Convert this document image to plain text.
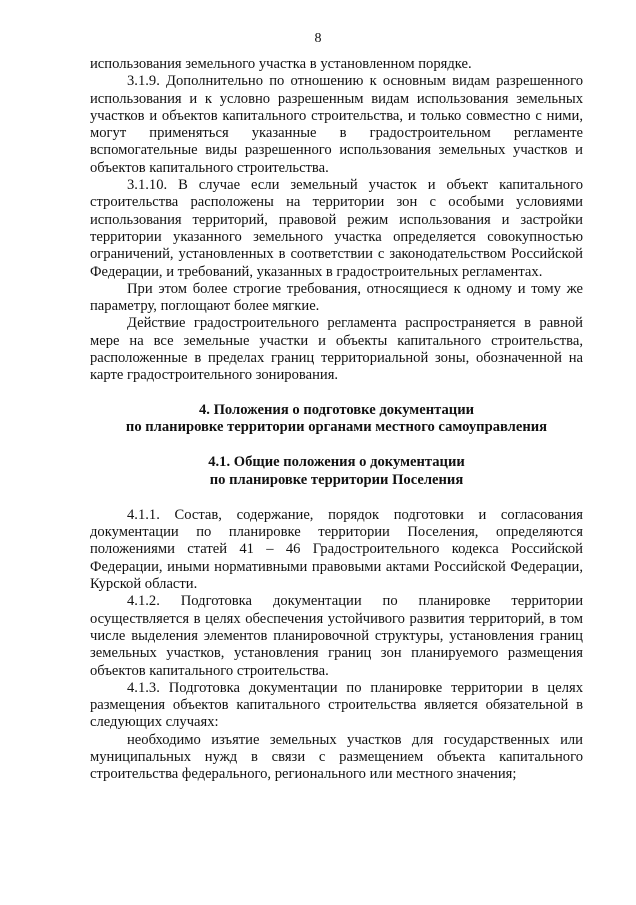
8

использования земельного участка в установленном порядке.

3.1.9. Дополнительно по отношению к основным видам разрешенного использования и к условно разрешенным видам использования земельных участков и объектов капитального строительства, и только совместно с ними, могут применяться указанные в градостроительном регламенте вспомогательные виды разрешенного использования земельных участков и объектов капитального строительства.

3.1.10. В случае если земельный участок и объект капитального строительства расположены на территории зон с особыми условиями использования территорий, правовой режим использования и застройки территории указанного земельного участка определяется совокупностью ограничений, установленных в соответствии с законодательством Российской Федерации, и требований, указанных в градостроительных регламентах.

При этом более строгие требования, относящиеся к одному и тому же параметру, поглощают более мягкие.

Действие градостроительного регламента распространяется в равной мере на все земельные участки и объекты капитального строительства, расположенные в пределах границ территориальной зоны, обозначенной на карте градостроительного зонирования.

4. Положения о подготовке документации
по планировке территории органами местного самоуправления
4.1. Общие положения о документации
по планировке территории Поселения

4.1.1. Состав, содержание, порядок подготовки и согласования документации по планировке территории Поселения, определяются положениями статей 41 – 46 Градостроительного кодекса Российской Федерации, иными нормативными правовыми актами Российской Федерации, Курской области.

4.1.2. Подготовка документации по планировке территории осуществляется в целях обеспечения устойчивого развития территорий, в том числе выделения элементов планировочной структуры, установления границ земельных участков, установления границ зон планируемого размещения объектов капитального строительства.

4.1.3. Подготовка документации по планировке территории в целях размещения объектов капитального строительства является обязательной в следующих случаях:

необходимо изъятие земельных участков для государственных или муниципальных нужд в связи с размещением объекта капитального строительства федерального, регионального или местного значения;
